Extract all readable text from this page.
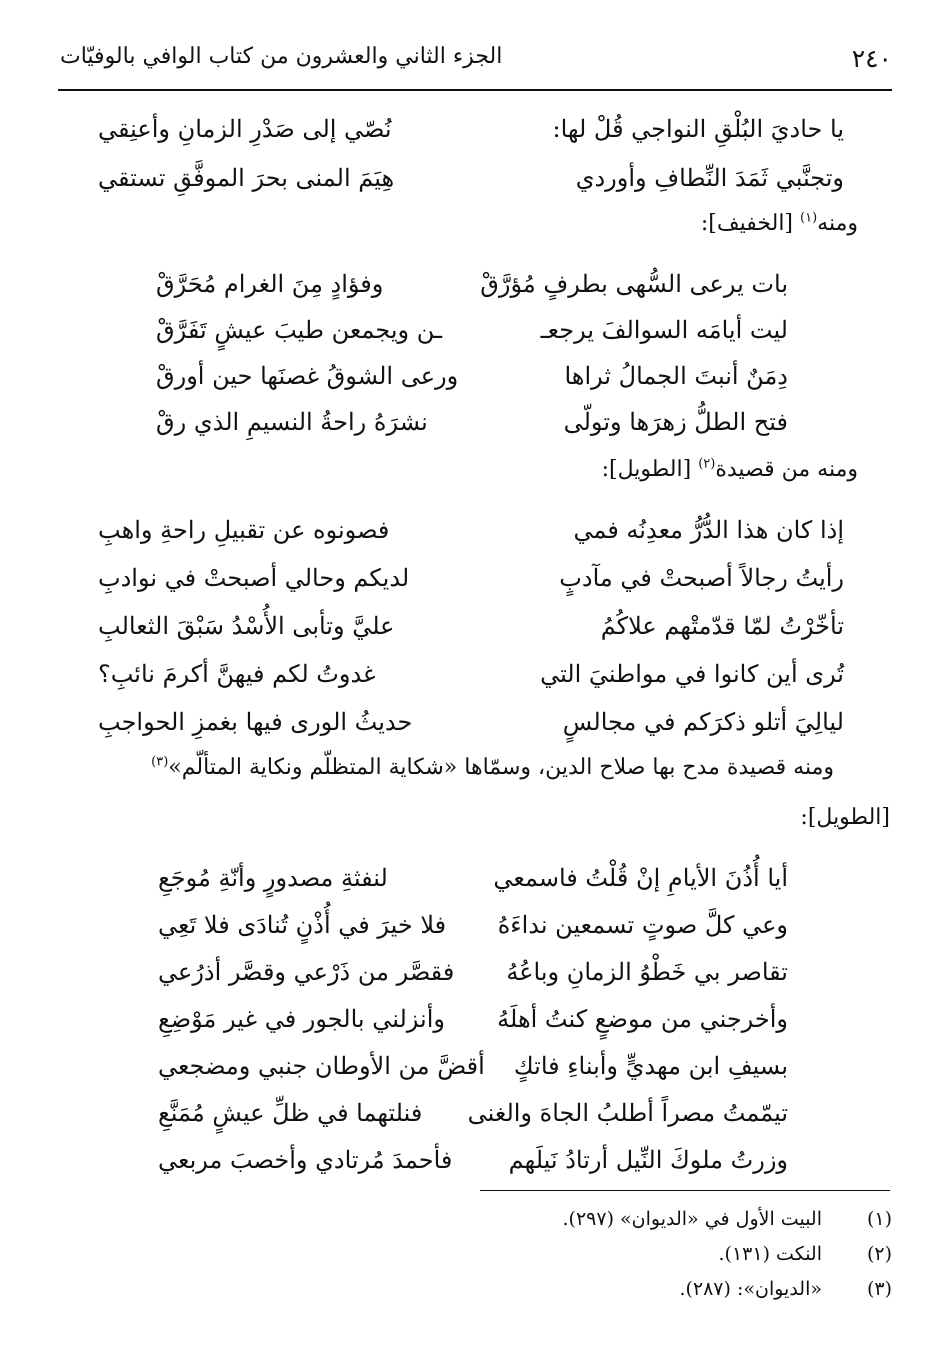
٢٤٠
الجزء الثاني والعشرون من كتاب الوافي بالوفيّات
يا حاديَ البُلْقِ النواجي قُلْ لها:
نُصّي إلى صَدْرِ الزمانِ وأعنِقي
وتجنَّبي ثَمَدَ النِّطافِ وأوردي
هِيَمَ المنى بحرَ الموفَّقِ تستقي
ومنه$^{(١)}$ [الخفيف]:
بات يرعى السُّهى بطرفٍ مُؤرَّقْ
وفؤادٍ مِنَ الغرام مُحَرَّقْ
ليت أيامَه السوالفَ يرجعـ
ـن ويجمعن طيبَ عيشٍ تَفَرَّقْ
دِمَنٌ أنبتَ الجمالُ ثراها
ورعى الشوقُ غصنَها حين أورقْ
فتح الطلُّ زهرَها وتولّى
نشرَهُ راحةُ النسيمِ الذي رقْ
ومنه من قصيدة$^{(٢)}$ [الطويل]:
إذا كان هذا الدُّرُّ معدِنُه فمي
فصونوه عن تقبيلِ راحةِ واهبِ
رأيتُ رجالاً أصبحتْ في مآدبٍ
لديكم وحالي أصبحتْ في نوادبِ
تأخّرْتُ لمّا قدّمتْهم علاكُمُ
عليَّ وتأبى الأُسْدُ سَبْقَ الثعالبِ
تُرى أين كانوا في مواطنيَ التي
غدوتُ لكم فيهنَّ أكرمَ نائبِ؟
ليالِيَ أتلو ذكرَكم في مجالسٍ
حديثُ الورى فيها بغمزِ الحواجبِ
ومنه قصيدة مدح بها صلاح الدين، وسمّاها «شكاية المتظلّم ونكاية المتألّم»$^{(٣)}$
[الطويل]:
أيا أُذُنَ الأيامِ إنْ قُلْتُ فاسمعي
لنفثةِ مصدورٍ وأنّةِ مُوجَعِ
وعي كلَّ صوتٍ تسمعين نداءَهُ
فلا خيرَ في أُذْنٍ تُنادَى فلا تَعِي
تقاصر بي خَطْوُ الزمانِ وباعُهُ
فقصَّر من ذَرْعي وقصَّر أذرُعي
وأخرجني من موضعٍ كنتُ أهلَهُ
وأنزلني بالجور في غير مَوْضِعِ
بسيفِ ابن مهديٍّ وأبناءِ فاتكٍ
أقضَّ من الأوطان جنبي ومضجعي
تيمّمتُ مصراً أطلبُ الجاهَ والغنى
فنلتهما في ظلِّ عيشٍ مُمَنَّعِ
وزرتُ ملوكَ النِّيل أرتادُ نَيلَهم
فأحمدَ مُرتادي وأخصبَ مربعي
(١)
البيت الأول في «الديوان» (٢٩٧).
(٢)
النكت (١٣١).
(٣)
«الديوان»: (٢٨٧).
